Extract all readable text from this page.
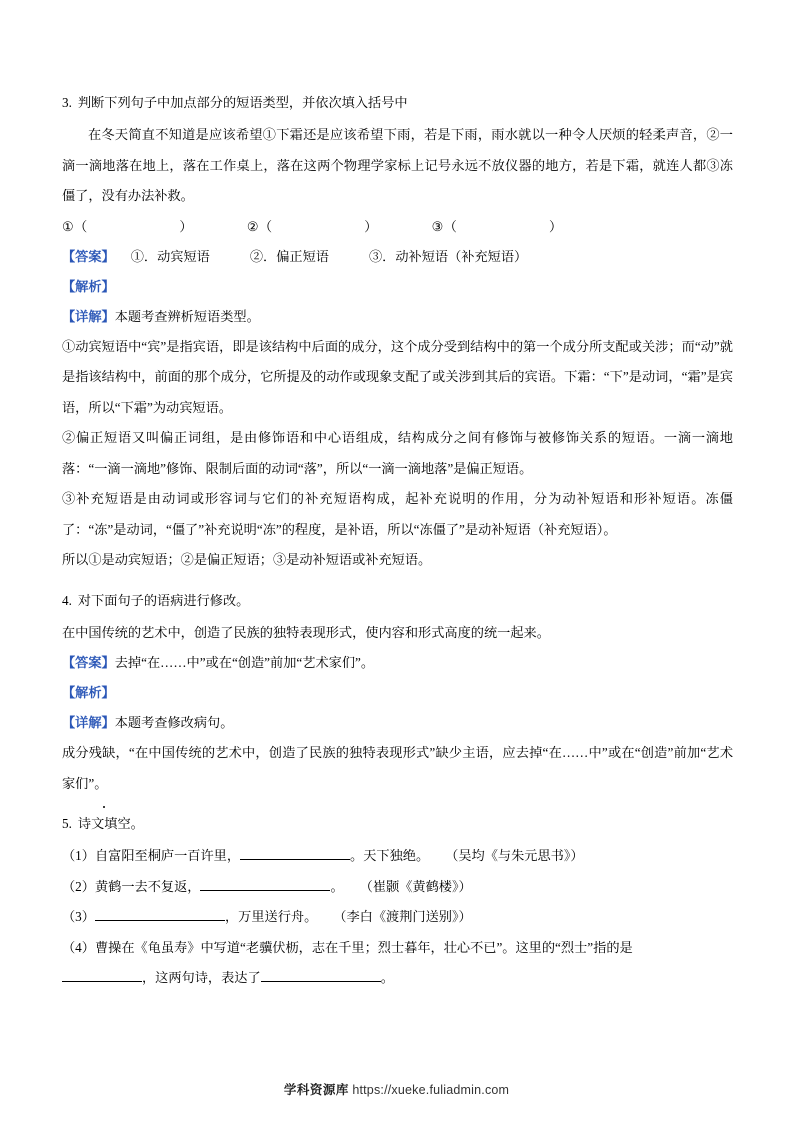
3. 判断下列句子中加点部分的短语类型，并依次填入括号中

在冬天简直不知道是应该希望①下霜还是应该希望下雨，若是下雨，雨水就以一种令人厌烦的轻柔声音，②一滴一滴地落在地上，落在工作桌上，落在这两个物理学家标上记号永远不放仪器的地方，若是下霜，就连人都③冻僵了，没有办法补救。

①（	）	②（	）	③（	）

【答案】 ①．动宾短语	②．偏正短语	③．动补短语（补充短语）

【解析】

【详解】本题考查辨析短语类型。

①动宾短语中“宾”是指宾语，即是该结构中后面的成分，这个成分受到结构中的第一个成分所支配或关涉；而“动”就是指该结构中，前面的那个成分，它所提及的动作或现象支配了或关涉到其后的宾语。下霜：“下”是动词，“霜”是宾语，所以“下霜”为动宾短语。

②偏正短语又叫偏正词组，是由修饰语和中心语组成，结构成分之间有修饰与被修饰关系的短语。一滴一滴地落：“一滴一滴地”修饰、限制后面的动词“落”，所以“一滴一滴地落”是偏正短语。

③补充短语是由动词或形容词与它们的补充短语构成，起补充说明的作用，分为动补短语和形补短语。冻僵了：“冻”是动词，“僵了”补充说明“冻”的程度，是补语，所以“冻僵了”是动补短语（补充短语）。

所以①是动宾短语；②是偏正短语；③是动补短语或补充短语。

4. 对下面句子的语病进行修改。

在中国传统的艺术中，创造了民族的独特表现形式，使内容和形式高度的统一起来。

【答案】去掉“在……中”或在“创造”前加“艺术家们”。

【解析】

【详解】本题考查修改病句。

成分残缺，“在中国传统的艺术中，创造了民族的独特表现形式”缺少主语，应去掉“在……中”或在“创造”前加“艺术家们”。

5. 诗文填空。

（1）自富阳至桐庐一百许里，	。天下独绝。 （吴均《与朱元思书》）

（2）黄鹤一去不复返，	。 （崔颢《黄鹤楼》）

（3）	，万里送行舟。 （李白《渡荆门送别》）

（4）曹操在《龟虽寿》中写道“老骥伏枥，志在千里；烈士暮年，壮心不已”。这里的“烈士”指的是

，这两句诗，表达了	。

学科资源库 https://xueke.fuliadmin.com
